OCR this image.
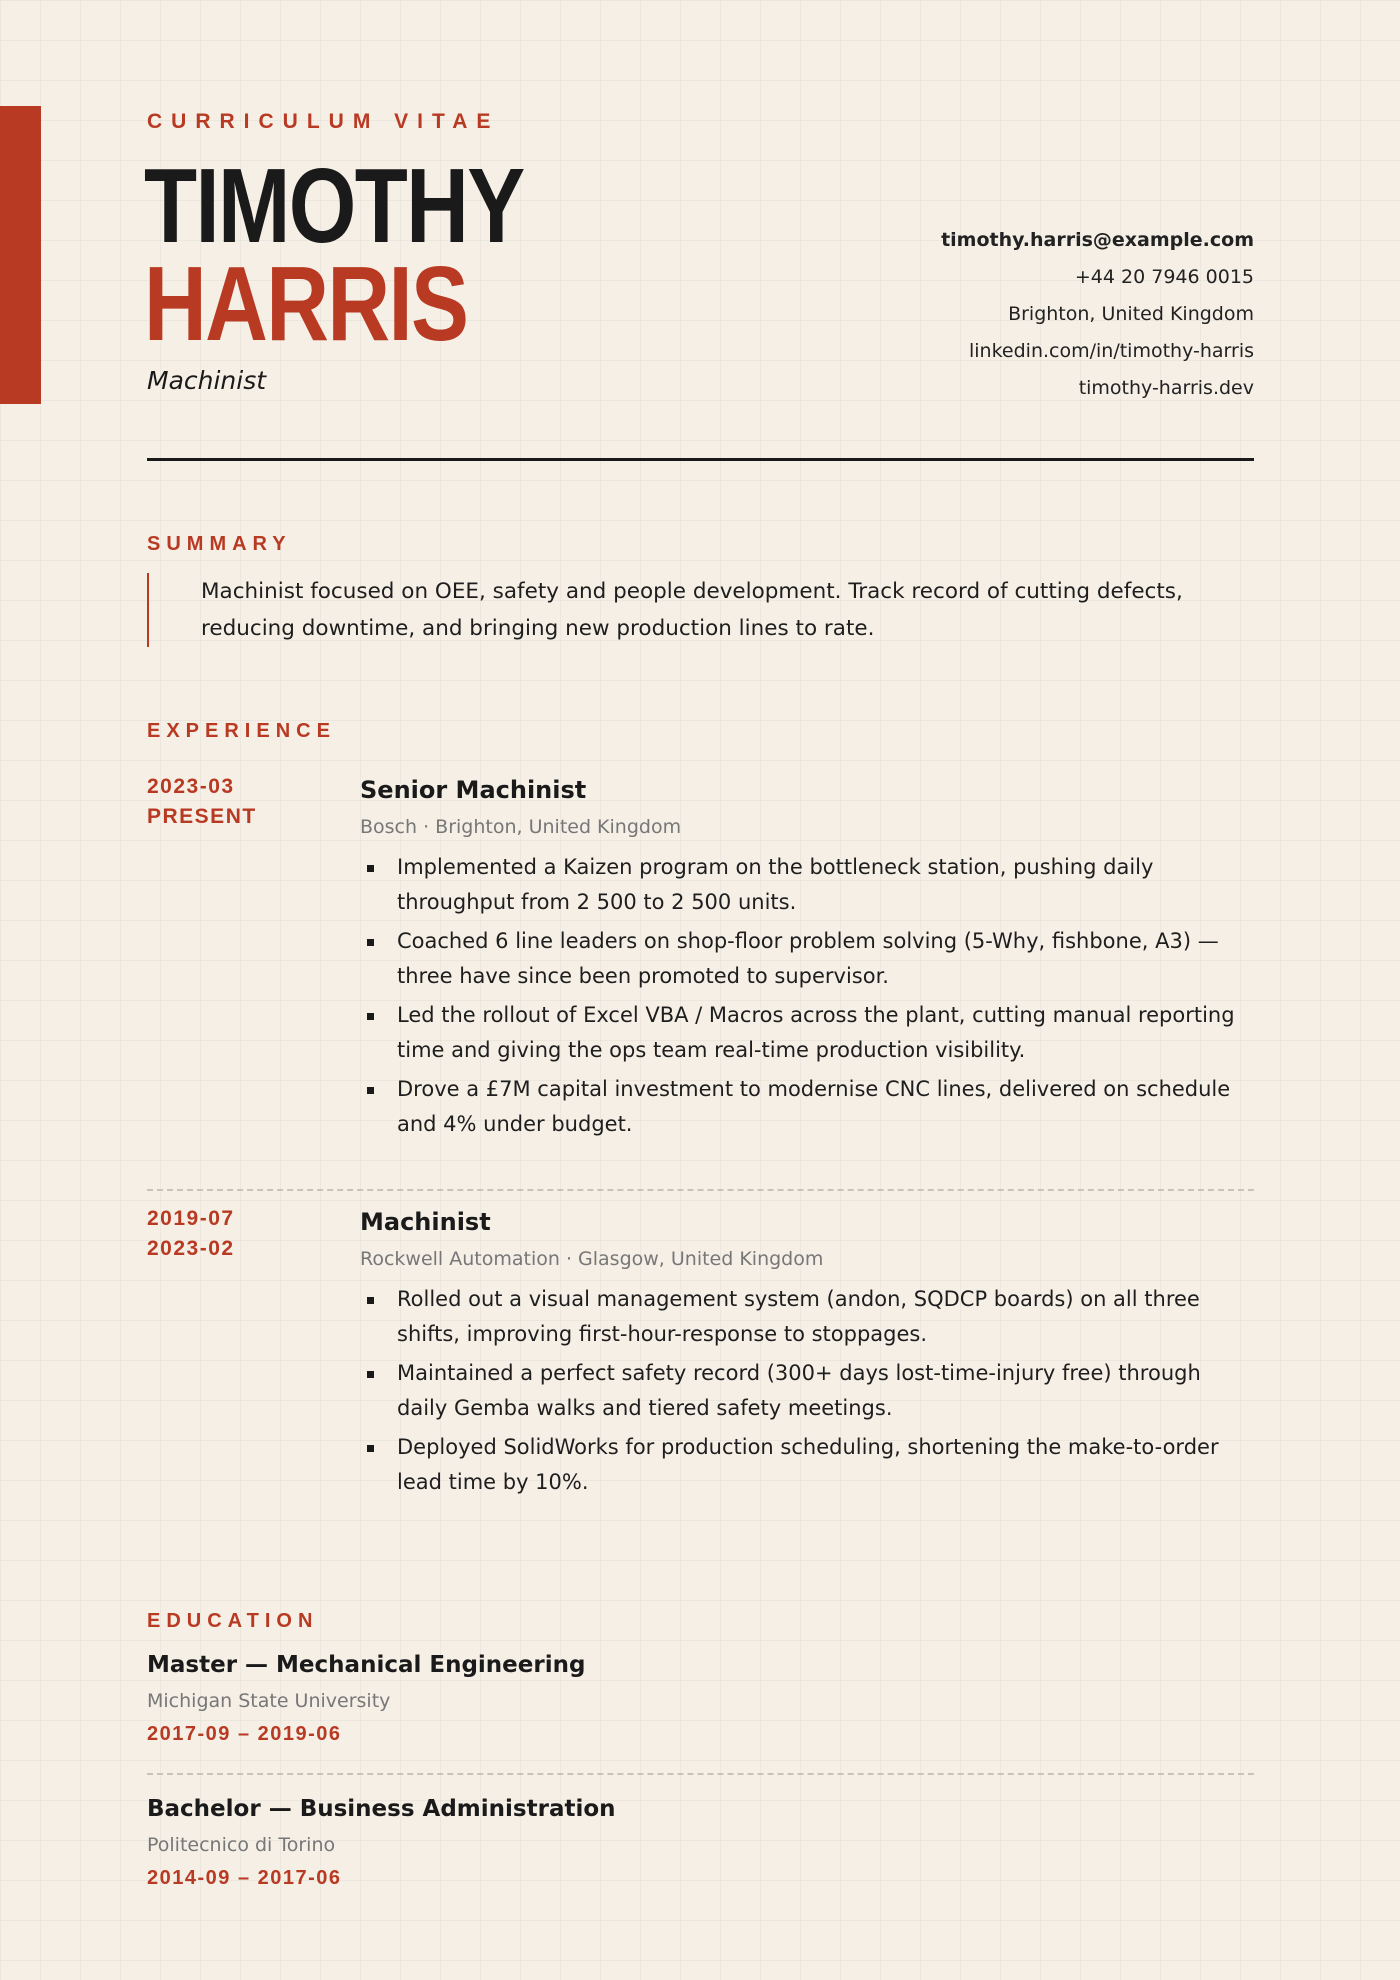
CURRICULUM VITAE
TIMOTHY
HARRIS
Machinist
timothy.harris@example.com
+44 20 7946 0015
Brighton, United Kingdom
linkedin.com/in/timothy-harris
timothy-harris.dev
SUMMARY

Machinist focused on OEE, safety and people development. Track record of cutting defects, reducing downtime, and bringing new production lines to rate.

EXPERIENCE
2023-03
PRESENT
Senior Machinist
Bosch · Brighton, United Kingdom
Implemented a Kaizen program on the bottleneck station, pushing daily throughput from 2 500 to 2 500 units.
Coached 6 line leaders on shop-floor problem solving (5-Why, fishbone, A3) — three have since been promoted to supervisor.
Led the rollout of Excel VBA / Macros across the plant, cutting manual reporting time and giving the ops team real-time production visibility.
Drove a £7M capital investment to modernise CNC lines, delivered on schedule and 4% under budget.
2019-07
2023-02
Machinist
Rockwell Automation · Glasgow, United Kingdom
Rolled out a visual management system (andon, SQDCP boards) on all three shifts, improving first-hour-response to stoppages.
Maintained a perfect safety record (300+ days lost-time-injury free) through daily Gemba walks and tiered safety meetings.
Deployed SolidWorks for production scheduling, shortening the make-to-order lead time by 10%.
EDUCATION
Master — Mechanical Engineering
Michigan State University
2017-09 – 2019-06
Bachelor — Business Administration
Politecnico di Torino
2014-09 – 2017-06
